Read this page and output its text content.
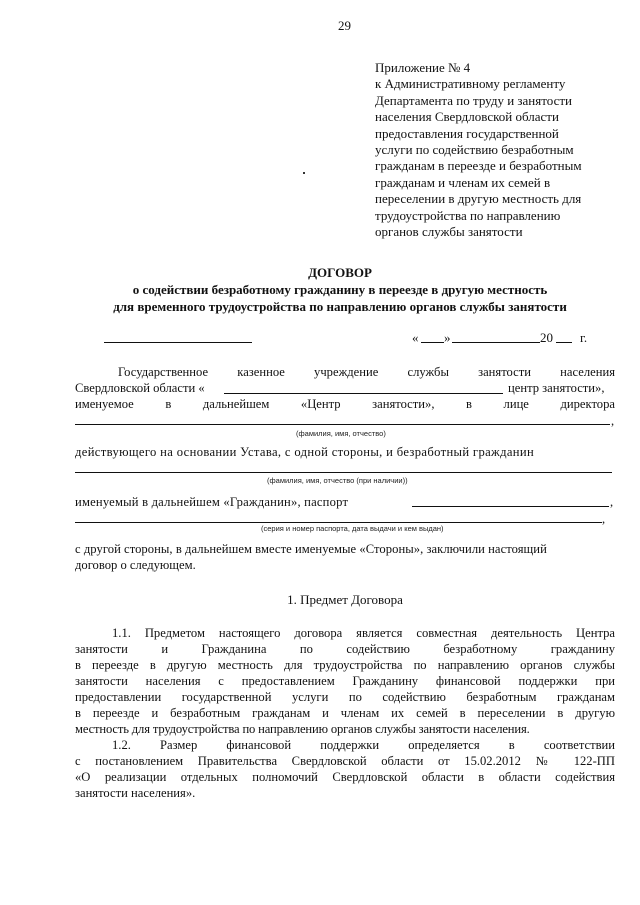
29
Приложение № 4
к Административному регламенту
Департамента по труду и занятости
населения Свердловской области
предоставления государственной
услуги по содействию безработным
гражданам в переезде и безработным
гражданам и членам их семей в
переселении в другую местность для
трудоустройства по направлению
органов службы занятости
ДОГОВОР
о содействии безработному гражданину в переезде в другую местность
для временного трудоустройства по направлению органов службы занятости
« »	20 г.
Государственное казенное учреждение службы занятости населения
Свердловской области «	центр занятости»,
именуемое	в	дальнейшем	«Центр	занятости»,	в	лице	директора
,
(фамилия, имя, отчество)
действующего на основании Устава, с одной стороны, и безработный гражданин
(фамилия, имя, отчество (при наличии))
именуемый в дальнейшем «Гражданин», паспорт	,
,
(серия и номер паспорта, дата выдачи и кем выдан)
с другой стороны, в дальнейшем вместе именуемые «Стороны», заключили настоящий
договор о следующем.
1. Предмет Договора
1.1. Предметом настоящего договора является совместная деятельность Центра
занятости и Гражданина по содействию безработному гражданину
в переезде в другую местность для трудоустройства по направлению органов службы
занятости населения с предоставлением Гражданину финансовой поддержки при
предоставлении государственной услуги по содействию безработным гражданам
в переезде и безработным гражданам и членам их семей в переселении в другую
местность для трудоустройства по направлению органов службы занятости населения.
1.2. Размер финансовой поддержки определяется в соответствии
с постановлением Правительства Свердловской области от 15.02.2012 № 122-ПП
«О реализации отдельных полномочий Свердловской области в области содействия
занятости населения».
